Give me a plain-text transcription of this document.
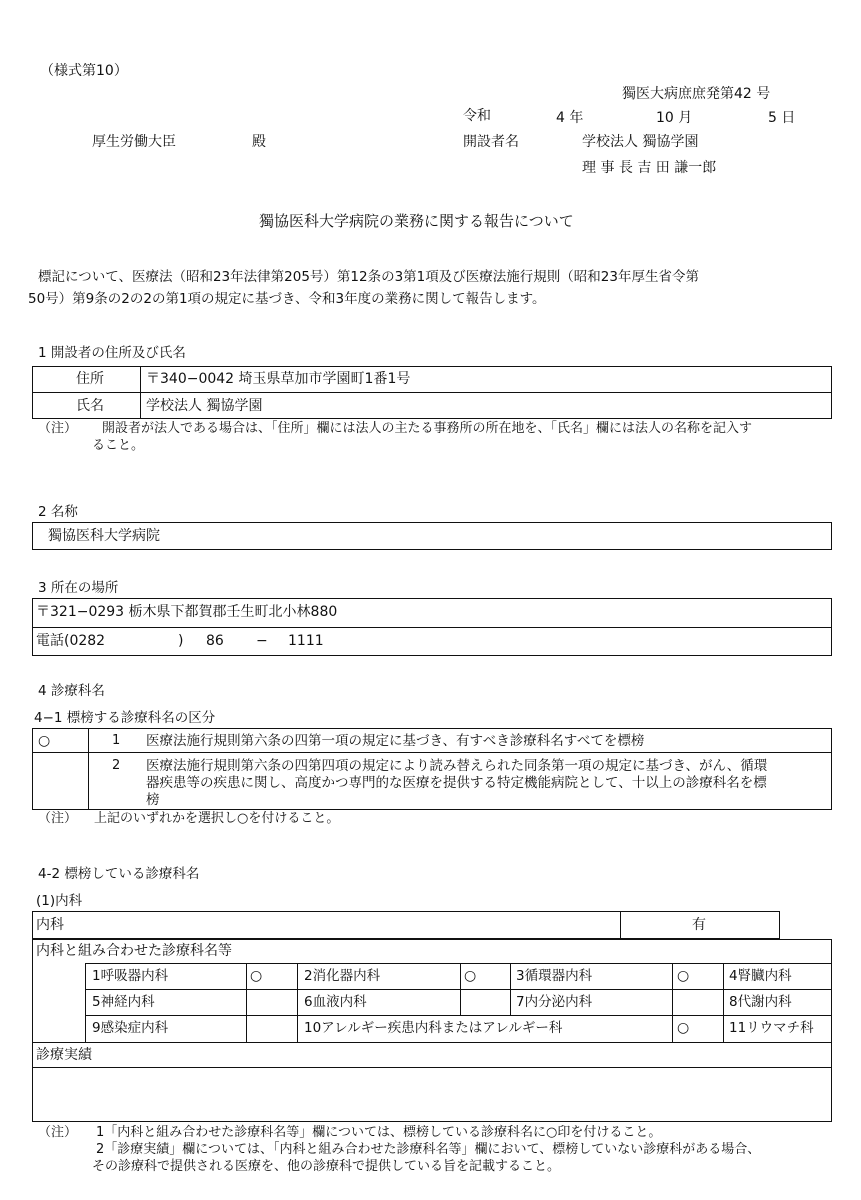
（様式第10）
獨医大病庶庶発第42 号
令和	4 年	10 月	5 日
厚生労働大臣	殿	開設者名	学校法人 獨協学園
理 事 長 吉 田 謙一郎
獨協医科大学病院の業務に関する報告について
標記について、医療法（昭和23年法律第205号）第12条の3第1項及び医療法施行規則（昭和23年厚生省令第
50号）第9条の2の2の第1項の規定に基づき、令和3年度の業務に関して報告します。
1 開設者の住所及び氏名
住所	〒340−0042 埼玉県草加市学園町1番1号
氏名	学校法人 獨協学園
（注） 開設者が法人である場合は、「住所」欄には法人の主たる事務所の所在地を、「氏名」欄には法人の名称を記入す
ること。
2 名称
獨協医科大学病院
3 所在の場所
〒321−0293 栃木県下都賀郡壬生町北小林880
電話(0282	) 86 − 1111
4 診療科名
4−1 標榜する診療科名の区分
○	1 医療法施行規則第六条の四第一項の規定に基づき、有すべき診療科名すべてを標榜
2 医療法施行規則第六条の四第四項の規定により読み替えられた同条第一項の規定に基づき、がん、循環
器疾患等の疾患に関し、高度かつ専門的な医療を提供する特定機能病院として、十以上の診療科名を標
榜
（注） 上記のいずれかを選択し○を付けること。
4-2 標榜している診療科名
(1)内科
内科	有
内科と組み合わせた診療科名等
1呼吸器内科	○	2消化器内科	○	3循環器内科	○	4腎臓内科
5神経内科	6血液内科	7内分泌内科	8代謝内科
9感染症内科	10アレルギー疾患内科またはアレルギー科	○	11リウマチ科
診療実績
（注） 1「内科と組み合わせた診療科名等」欄については、標榜している診療科名に○印を付けること。
2「診療実績」欄については、「内科と組み合わせた診療科名等」欄において、標榜していない診療科がある場合、
その診療科で提供される医療を、他の診療科で提供している旨を記載すること。
